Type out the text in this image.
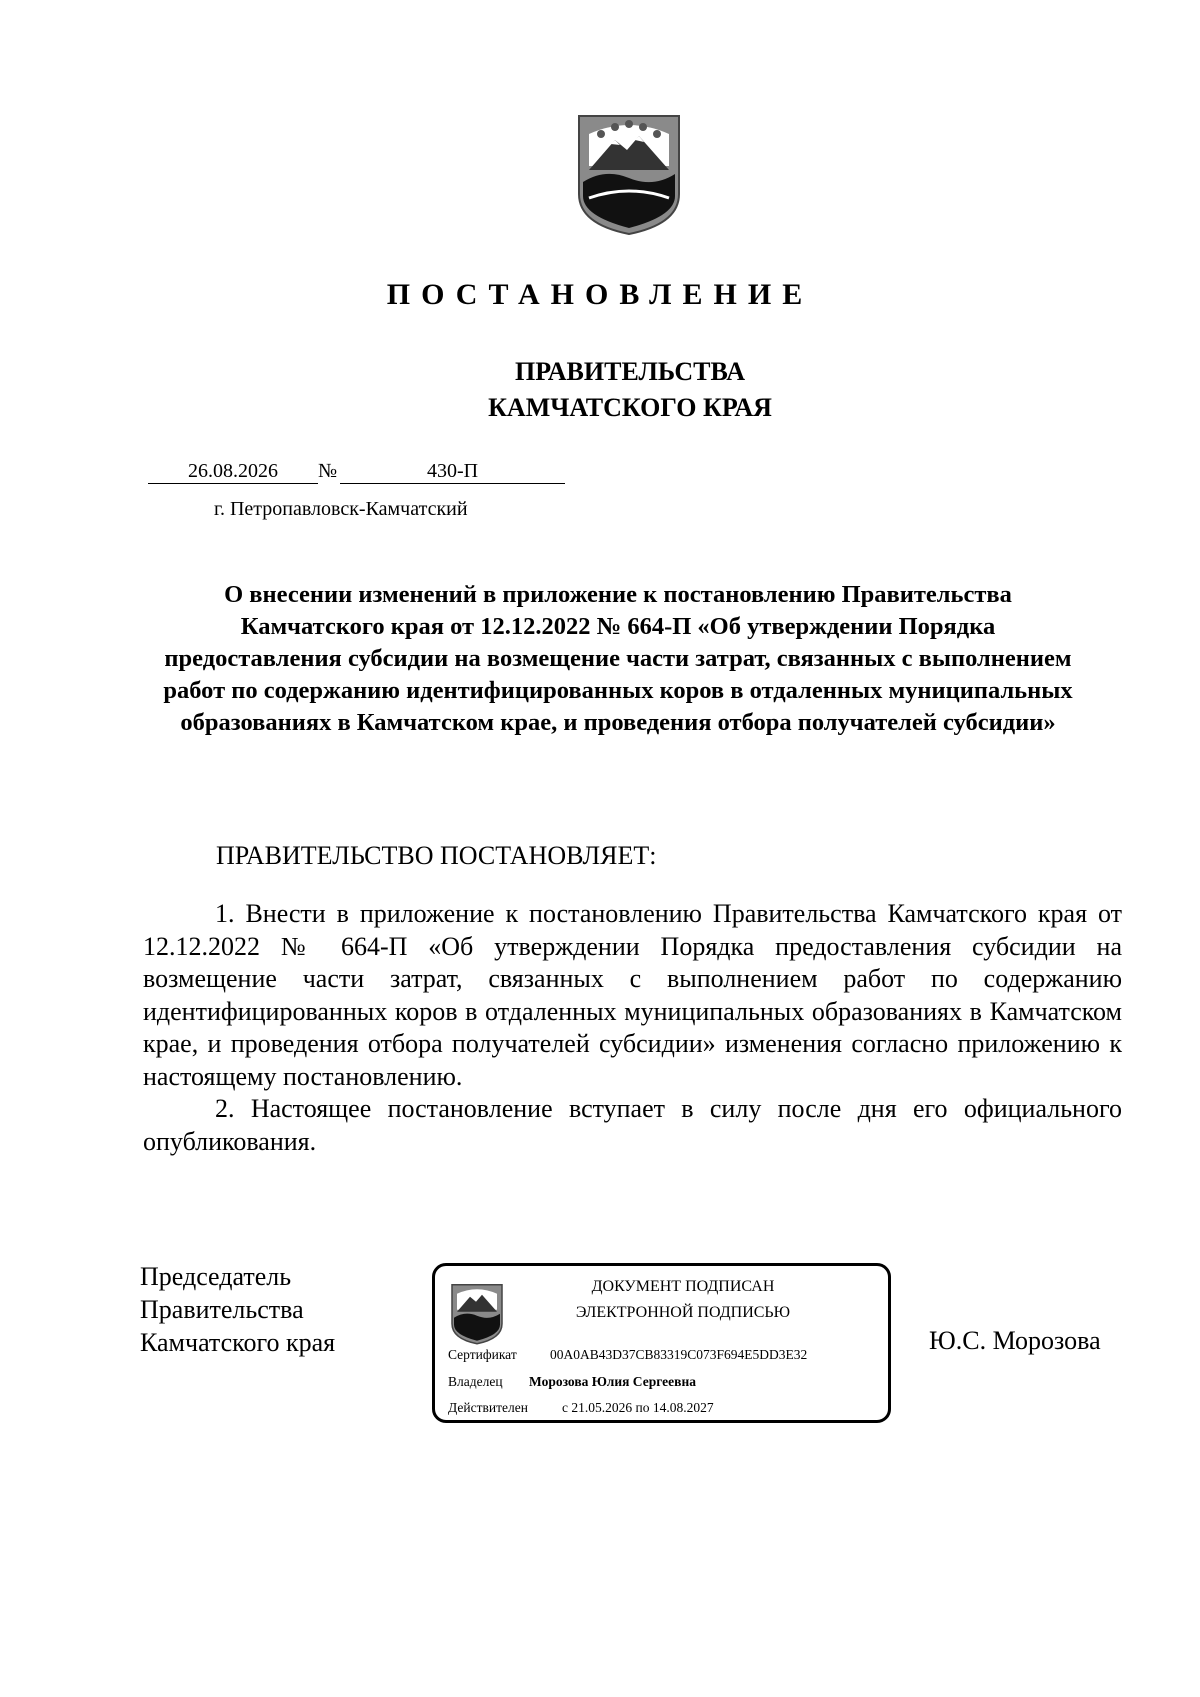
ПОСТАНОВЛЕНИЕ
ПРАВИТЕЛЬСТВА
КАМЧАТСКОГО КРАЯ
26.08.2026 №	430-П
г. Петропавловск-Камчатский
О внесении изменений в приложение к постановлению Правительства Камчатского края от 12.12.2022 № 664-П «Об утверждении Порядка предоставления субсидии на возмещение части затрат, связанных с выполнением работ по содержанию идентифицированных коров в отдаленных муниципальных образованиях в Камчатском крае, и проведения отбора получателей субсидии»
ПРАВИТЕЛЬСТВО ПОСТАНОВЛЯЕТ:

1. Внести в приложение к постановлению Правительства Камчатского края от 12.12.2022 № 664-П «Об утверждении Порядка предоставления субсидии на возмещение части затрат, связанных с выполнением работ по содержанию идентифицированных коров в отдаленных муниципальных образованиях в Камчатском крае, и проведения отбора получателей субсидии» изменения согласно приложению к настоящему постановлению.

2. Настоящее постановление вступает в силу после дня его официального опубликования.

Председатель
Правительства
Камчатского края
ДОКУМЕНТ ПОДПИСАН
ЭЛЕКТРОННОЙ ПОДПИСЬЮ
Сертификат 00A0AB43D37CB83319C073F694E5DD3E32
Владелец Морозова Юлия Сергеевна
Действителен	с 21.05.2026 по 14.08.2027
Ю.С. Морозова
